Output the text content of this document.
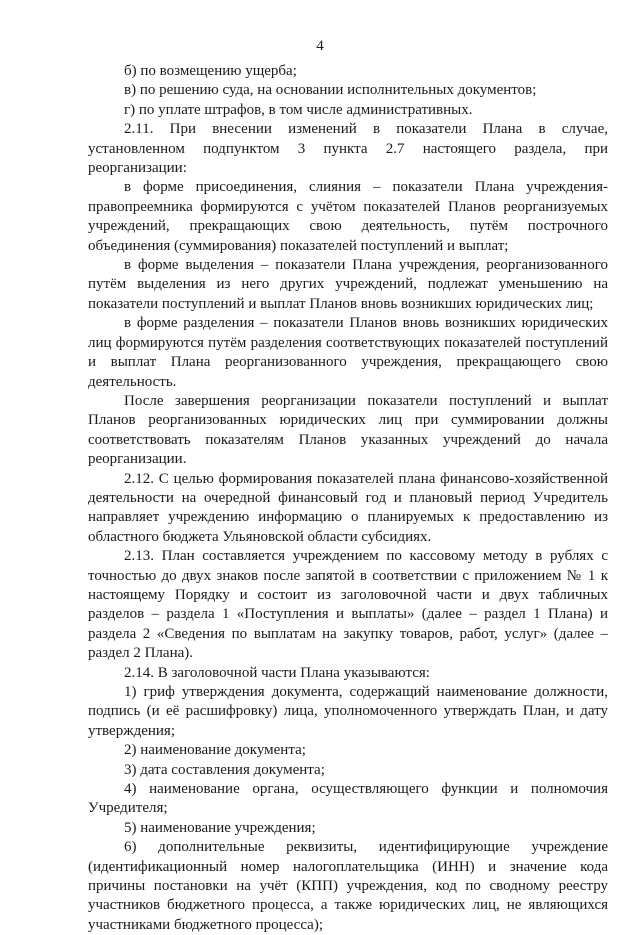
4

б) по возмещению ущерба;

в) по решению суда, на основании исполнительных документов;

г) по уплате штрафов, в том числе административных.

2.11. При внесении изменений в показатели Плана в случае, установленном подпунктом 3 пункта 2.7 настоящего раздела, при реорганизации:

в форме присоединения, слияния – показатели Плана учреждения-правопреемника формируются с учётом показателей Планов реорганизуемых учреждений, прекращающих свою деятельность, путём построчного объединения (суммирования) показателей поступлений и выплат;

в форме выделения – показатели Плана учреждения, реорганизованного путём выделения из него других учреждений, подлежат уменьшению на показатели поступлений и выплат Планов вновь возникших юридических лиц;

в форме разделения – показатели Планов вновь возникших юридических лиц формируются путём разделения соответствующих показателей поступлений и выплат Плана реорганизованного учреждения, прекращающего свою деятельность.

После завершения реорганизации показатели поступлений и выплат Планов реорганизованных юридических лиц при суммировании должны соответствовать показателям Планов указанных учреждений до начала реорганизации.

2.12. С целью формирования показателей плана финансово-хозяйственной деятельности на очередной финансовый год и плановый период Учредитель направляет учреждению информацию о планируемых к предоставлению из областного бюджета Ульяновской области субсидиях.

2.13. План составляется учреждением по кассовому методу в рублях с точностью до двух знаков после запятой в соответствии с приложением № 1 к настоящему Порядку и состоит из заголовочной части и двух табличных разделов – раздела 1 «Поступления и выплаты» (далее – раздел 1 Плана) и раздела 2 «Сведения по выплатам на закупку товаров, работ, услуг» (далее – раздел 2 Плана).

2.14. В заголовочной части Плана указываются:

1) гриф утверждения документа, содержащий наименование должности, подпись (и её расшифровку) лица, уполномоченного утверждать План, и дату утверждения;

2) наименование документа;

3) дата составления документа;

4) наименование органа, осуществляющего функции и полномочия Учредителя;

5) наименование учреждения;

6) дополнительные реквизиты, идентифицирующие учреждение (идентификационный номер налогоплательщика (ИНН) и значение кода причины постановки на учёт (КПП) учреждения, код по сводному реестру участников бюджетного процесса, а также юридических лиц, не являющихся участниками бюджетного процесса);
